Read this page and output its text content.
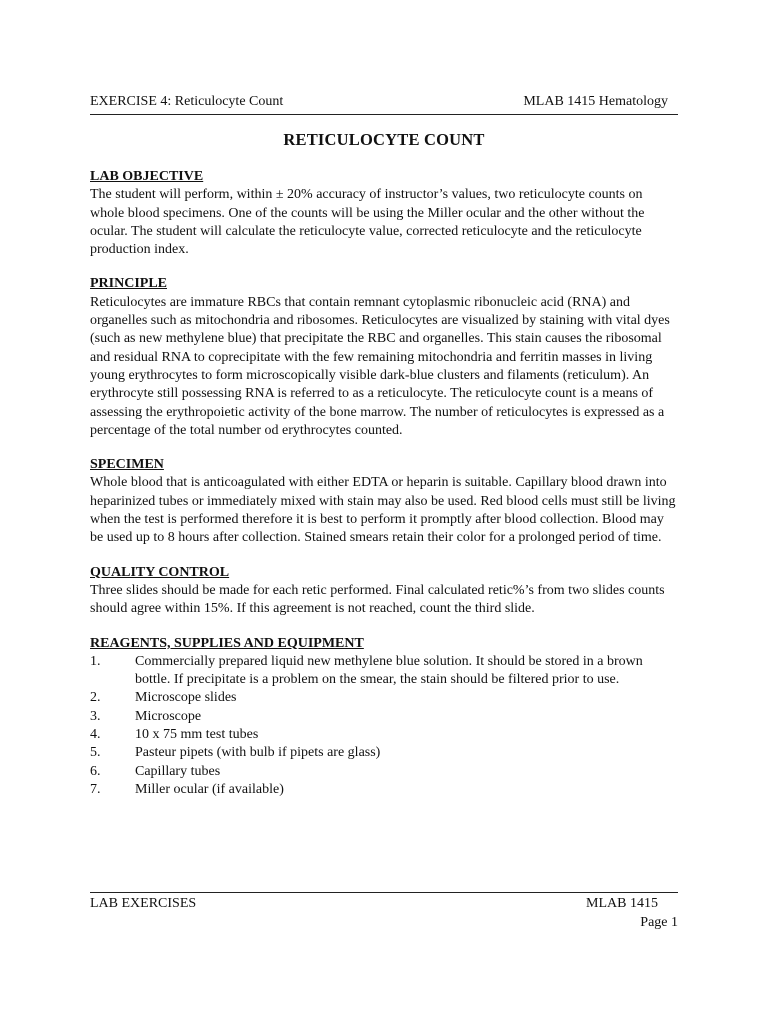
EXERCISE 4: Reticulocyte Count	MLAB 1415 Hematology
RETICULOCYTE COUNT
LAB OBJECTIVE

The student will perform, within ± 20% accuracy of instructor’s values, two reticulocyte counts on whole blood specimens. One of the counts will be using the Miller ocular and the other without the ocular. The student will calculate the reticulocyte value, corrected reticulocyte and the reticulocyte production index.

PRINCIPLE

Reticulocytes are immature RBCs that contain remnant cytoplasmic ribonucleic acid (RNA) and organelles such as mitochondria and ribosomes. Reticulocytes are visualized by staining with vital dyes (such as new methylene blue) that precipitate the RBC and organelles. This stain causes the ribosomal and residual RNA to coprecipitate with the few remaining mitochondria and ferritin masses in living young erythrocytes to form microscopically visible dark-blue clusters and filaments (reticulum). An erythrocyte still possessing RNA is referred to as a reticulocyte. The reticulocyte count is a means of assessing the erythropoietic activity of the bone marrow. The number of reticulocytes is expressed as a percentage of the total number od erythrocytes counted.

SPECIMEN

Whole blood that is anticoagulated with either EDTA or heparin is suitable. Capillary blood drawn into heparinized tubes or immediately mixed with stain may also be used. Red blood cells must still be living when the test is performed therefore it is best to perform it promptly after blood collection. Blood may be used up to 8 hours after collection. Stained smears retain their color for a prolonged period of time.

QUALITY CONTROL

Three slides should be made for each retic performed. Final calculated retic%’s from two slides counts should agree within 15%. If this agreement is not reached, count the third slide.

REAGENTS, SUPPLIES AND EQUIPMENT
1.	Commercially prepared liquid new methylene blue solution. It should be stored in a brown bottle. If precipitate is a problem on the smear, the stain should be filtered prior to use.
2.	Microscope slides
3.	Microscope
4.	10 x 75 mm test tubes
5.	Pasteur pipets (with bulb if pipets are glass)
6.	Capillary tubes
7.	Miller ocular (if available)
LAB EXERCISES	MLAB 1415
Page 1
